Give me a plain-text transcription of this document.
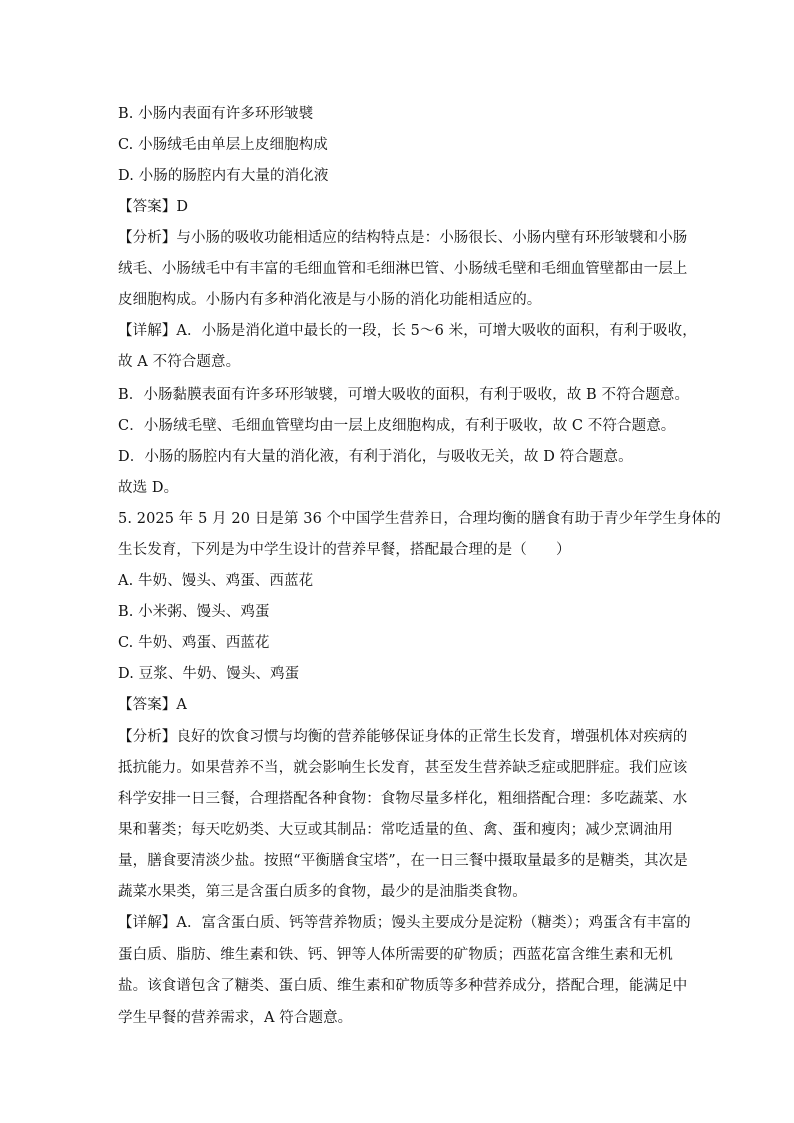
B. 小肠内表面有许多环形皱襞
C. 小肠绒毛由单层上皮细胞构成
D. 小肠的肠腔内有大量的消化液
【答案】D
【分析】与小肠的吸收功能相适应的结构特点是：小肠很长、小肠内壁有环形皱襞和小肠
绒毛、小肠绒毛中有丰富的毛细血管和毛细淋巴管、小肠绒毛壁和毛细血管壁都由一层上
皮细胞构成。小肠内有多种消化液是与小肠的消化功能相适应的。
【详解】A．小肠是消化道中最长的一段，长 5～6 米，可增大吸收的面积，有利于吸收，
故 A 不符合题意。
B．小肠黏膜表面有许多环形皱襞，可增大吸收的面积，有利于吸收，故 B 不符合题意。
C．小肠绒毛壁、毛细血管壁均由一层上皮细胞构成，有利于吸收，故 C 不符合题意。
D．小肠的肠腔内有大量的消化液，有利于消化，与吸收无关，故 D 符合题意。
故选 D。
5. 2025 年 5 月 20 日是第 36 个中国学生营养日，合理均衡的膳食有助于青少年学生身体的
生长发育，下列是为中学生设计的营养早餐，搭配最合理的是（　　）
A. 牛奶、馒头、鸡蛋、西蓝花
B. 小米粥、馒头、鸡蛋
C. 牛奶、鸡蛋、西蓝花
D. 豆浆、牛奶、馒头、鸡蛋
【答案】A
【分析】良好的饮食习惯与均衡的营养能够保证身体的正常生长发育，增强机体对疾病的
抵抗能力。如果营养不当，就会影响生长发育，甚至发生营养缺乏症或肥胖症。我们应该
科学安排一日三餐，合理搭配各种食物：食物尽量多样化，粗细搭配合理：多吃蔬菜、水
果和薯类；每天吃奶类、大豆或其制品：常吃适量的鱼、禽、蛋和瘦肉；减少烹调油用
量，膳食要清淡少盐。按照“平衡膳食宝塔”，在一日三餐中摄取量最多的是糖类，其次是
蔬菜水果类，第三是含蛋白质多的食物，最少的是油脂类食物。
【详解】A．富含蛋白质、钙等营养物质；馒头主要成分是淀粉（糖类）；鸡蛋含有丰富的
蛋白质、脂肪、维生素和铁、钙、钾等人体所需要的矿物质；西蓝花富含维生素和无机
盐。该食谱包含了糖类、蛋白质、维生素和矿物质等多种营养成分，搭配合理，能满足中
学生早餐的营养需求，A 符合题意。
